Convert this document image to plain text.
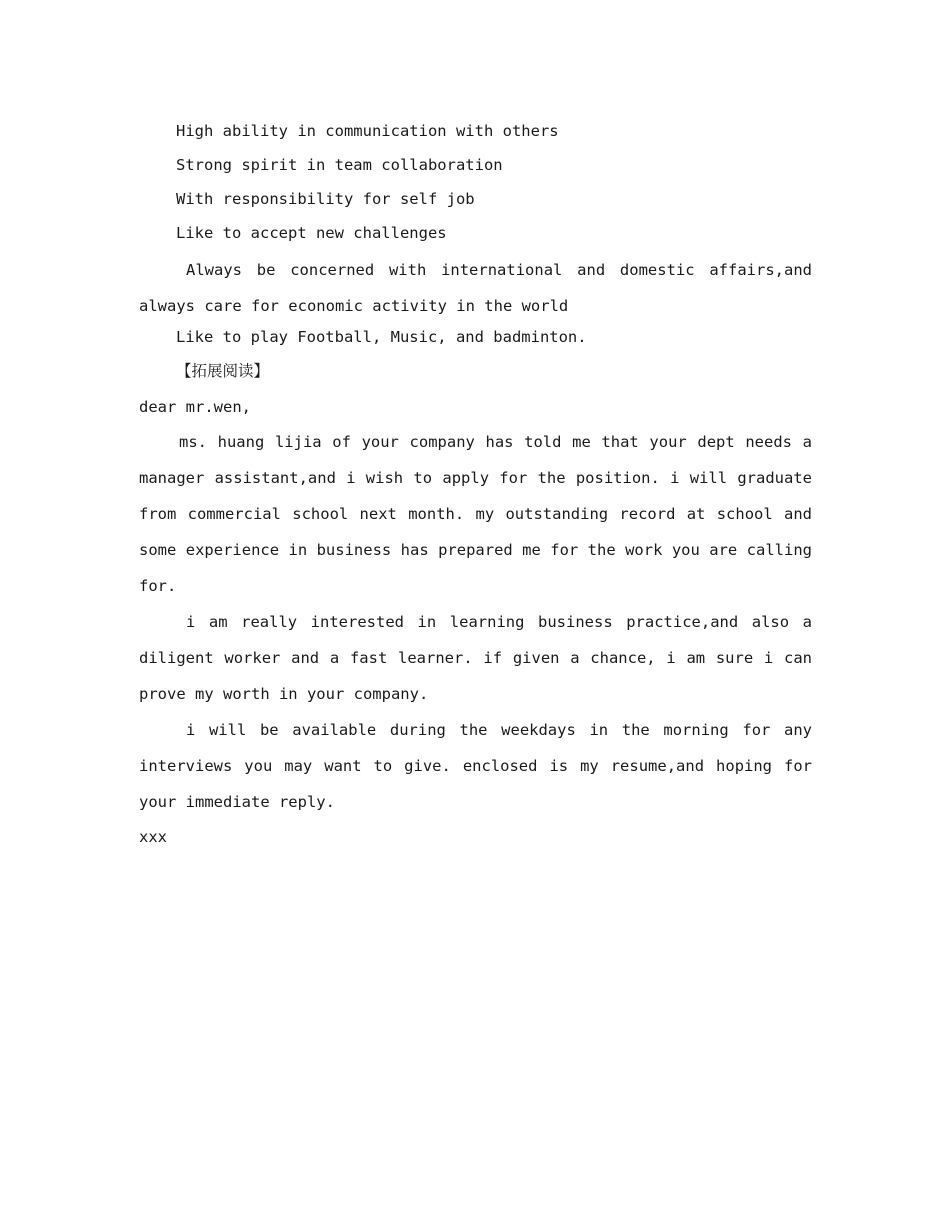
High ability in communication with others
Strong spirit in team collaboration
With responsibility for self job
Like to accept new challenges

Always be concerned with international and domestic affairs,and always care for economic activity in the world

Like to play Football, Music, and badminton.
【拓展阅读】
dear mr.wen,

ms. huang lijia of your company has told me that your dept needs a manager assistant,and i wish to apply for the position. i will graduate from commercial school next month. my outstanding record at school and some experience in business has prepared me for the work you are calling for.

i am really interested in learning business practice,and also a diligent worker and a fast learner. if given a chance, i am sure i can prove my worth in your company.

i will be available during the weekdays in the morning for any interviews you may want to give. enclosed is my resume,and hoping for your immediate reply.

xxx
